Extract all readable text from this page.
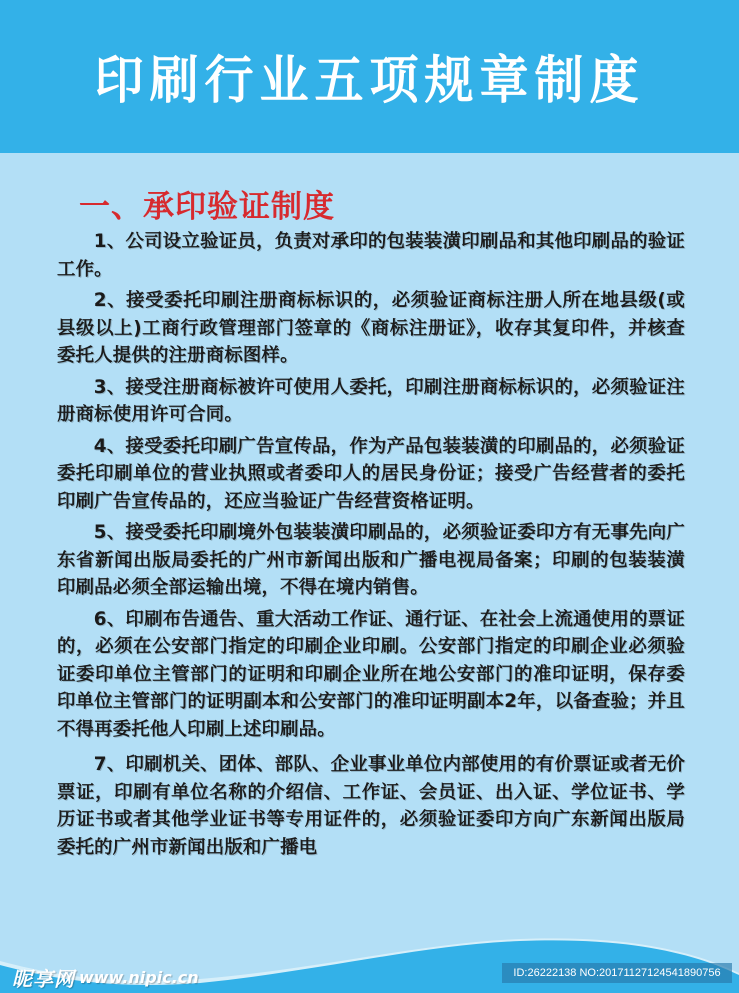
印刷行业五项规章制度
一、承印验证制度

1、公司设立验证员，负责对承印的包装装潢印刷品和其他印刷品的验证工作。

2、接受委托印刷注册商标标识的，必须验证商标注册人所在地县级(或县级以上)工商行政管理部门签章的《商标注册证》，收存其复印件，并核查委托人提供的注册商标图样。

3、接受注册商标被许可使用人委托，印刷注册商标标识的，必须验证注册商标使用许可合同。

4、接受委托印刷广告宣传品，作为产品包装装潢的印刷品的，必须验证委托印刷单位的营业执照或者委印人的居民身份证；接受广告经营者的委托印刷广告宣传品的，还应当验证广告经营资格证明。

5、接受委托印刷境外包装装潢印刷品的，必须验证委印方有无事先向广东省新闻出版局委托的广州市新闻出版和广播电视局备案；印刷的包装装潢印刷品必须全部运输出境，不得在境内销售。

6、印刷布告通告、重大活动工作证、通行证、在社会上流通使用的票证的，必须在公安部门指定的印刷企业印刷。公安部门指定的印刷企业必须验证委印单位主管部门的证明和印刷企业所在地公安部门的准印证明，保存委印单位主管部门的证明副本和公安部门的准印证明副本2年，以备查验；并且不得再委托他人印刷上述印刷品。

7、印刷机关、团体、部队、企业事业单位内部使用的有价票证或者无价票证，印刷有单位名称的介绍信、工作证、会员证、出入证、学位证书、学历证书或者其他学业证书等专用证件的，必须验证委印方向广东新闻出版局委托的广州市新闻出版和广播电

昵享网 www.nipic.cn	ID:26222138 NO:20171127124541890756
